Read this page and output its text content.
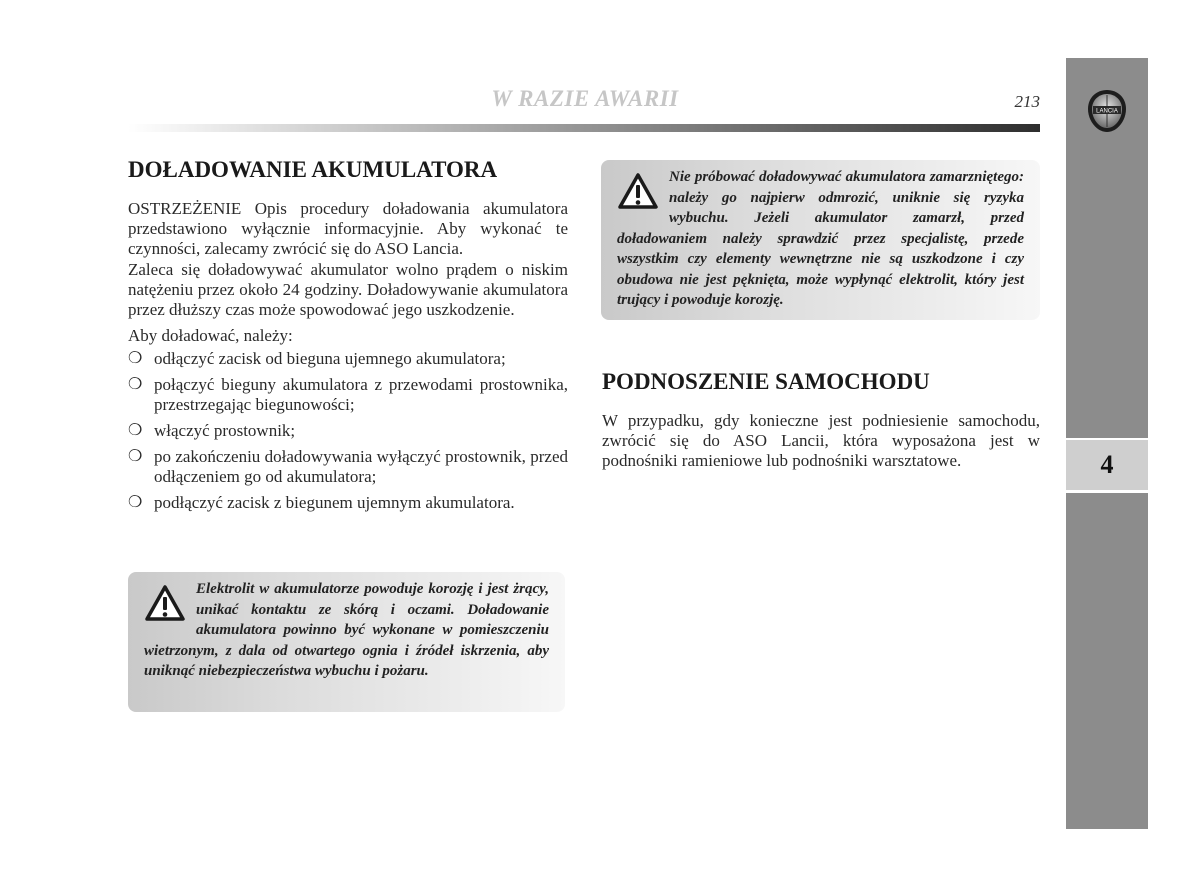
W RAZIE AWARII	213
LANCIA
4
DOŁADOWANIE AKUMULATORA

OSTRZEŻENIE Opis procedury doładowania akumulatora przedstawiono wyłącznie informacyjnie. Aby wykonać te czynności, zalecamy zwrócić się do ASO Lancia.

Zaleca się doładowywać akumulator wolno prądem o niskim natężeniu przez około 24 godziny. Doładowywanie akumulatora przez dłuższy czas może spowodować jego uszkodzenie.

Aby doładować, należy:

❍ odłączyć zacisk od bieguna ujemnego akumulatora;
❍ połączyć bieguny akumulatora z przewodami prostownika, przestrzegając biegunowości;
❍ włączyć prostownik;
❍ po zakończeniu doładowywania wyłączyć prostownik, przed odłączeniem go od akumulatora;
❍ podłączyć zacisk z biegunem ujemnym akumulatora.

Elektrolit w akumulatorze powoduje korozję i jest żrący, unikać kontaktu ze skórą i oczami. Doładowanie akumulatora powinno być wykonane w pomieszczeniu wietrzonym, z dala od otwartego ognia i źródeł iskrzenia, aby uniknąć niebezpieczeństwa wybuchu i pożaru.

Nie próbować doładowywać akumulatora zamarzniętego: należy go najpierw odmrozić, uniknie się ryzyka wybuchu. Jeżeli akumulator zamarzł, przed doładowaniem należy sprawdzić przez specjalistę, przede wszystkim czy elementy wewnętrzne nie są uszkodzone i czy obudowa nie jest pęknięta, może wypłynąć elektrolit, który jest trujący i powoduje korozję.

PODNOSZENIE SAMOCHODU

W przypadku, gdy konieczne jest podniesienie samochodu, zwrócić się do ASO Lancii, która wyposażona jest w podnośniki ramieniowe lub podnośniki warsztatowe.
